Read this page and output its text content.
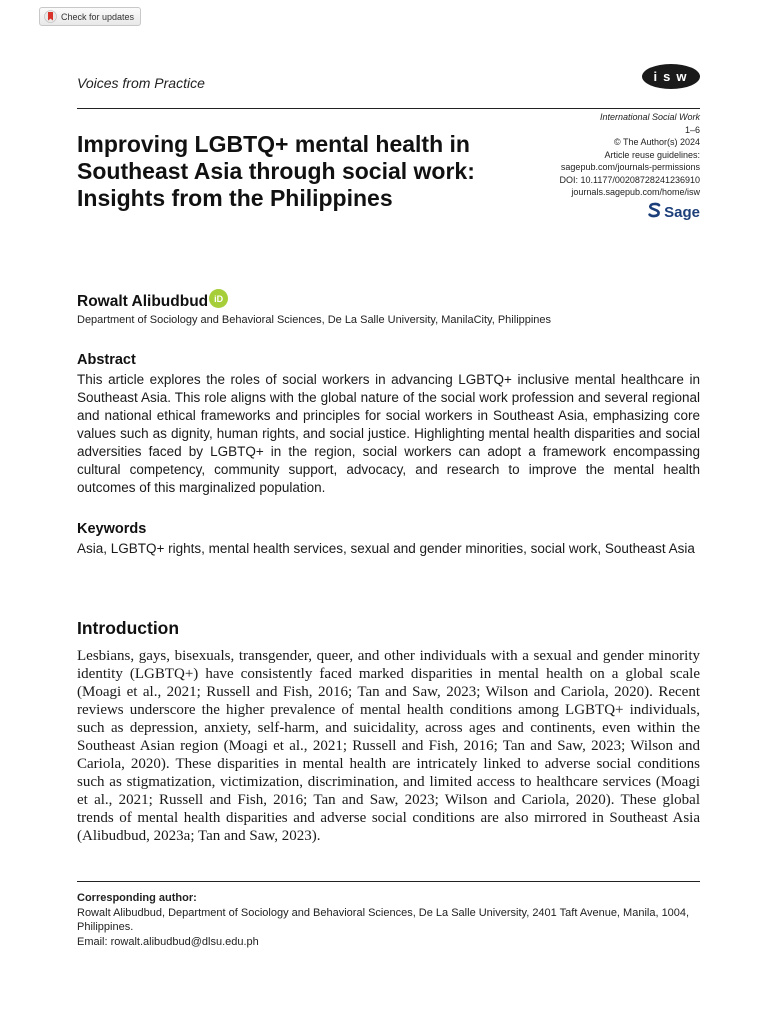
Check for updates
Voices from Practice	isw
Improving LGBTQ+ mental health in Southeast Asia through social work: Insights from the Philippines
International Social Work
1–6
© The Author(s) 2024
Article reuse guidelines:
sagepub.com/journals-permissions
DOI: 10.1177/00208728241236910
journals.sagepub.com/home/isw
Sage
Rowalt Alibudbud iD
Department of Sociology and Behavioral Sciences, De La Salle University, ManilaCity, Philippines
Abstract
This article explores the roles of social workers in advancing LGBTQ+ inclusive mental healthcare in Southeast Asia. This role aligns with the global nature of the social work profession and several regional and national ethical frameworks and principles for social workers in Southeast Asia, emphasizing core values such as dignity, human rights, and social justice. Highlighting mental health disparities and social adversities faced by LGBTQ+ in the region, social workers can adopt a framework encompassing cultural competency, community support, advocacy, and research to improve the mental health outcomes of this marginalized population.
Keywords
Asia, LGBTQ+ rights, mental health services, sexual and gender minorities, social work, Southeast Asia
Introduction
Lesbians, gays, bisexuals, transgender, queer, and other individuals with a sexual and gender minority identity (LGBTQ+) have consistently faced marked disparities in mental health on a global scale (Moagi et al., 2021; Russell and Fish, 2016; Tan and Saw, 2023; Wilson and Cariola, 2020). Recent reviews underscore the higher prevalence of mental health conditions among LGBTQ+ individuals, such as depression, anxiety, self-harm, and suicidality, across ages and continents, even within the Southeast Asian region (Moagi et al., 2021; Russell and Fish, 2016; Tan and Saw, 2023; Wilson and Cariola, 2020). These disparities in mental health are intricately linked to adverse social conditions such as stigmatization, victimization, discrimination, and limited access to healthcare services (Moagi et al., 2021; Russell and Fish, 2016; Tan and Saw, 2023; Wilson and Cariola, 2020). These global trends of mental health disparities and adverse social conditions are also mirrored in Southeast Asia (Alibudbud, 2023a; Tan and Saw, 2023).
Corresponding author:
Rowalt Alibudbud, Department of Sociology and Behavioral Sciences, De La Salle University, 2401 Taft Avenue, Manila, 1004, Philippines.
Email: rowalt.alibudbud@dlsu.edu.ph
